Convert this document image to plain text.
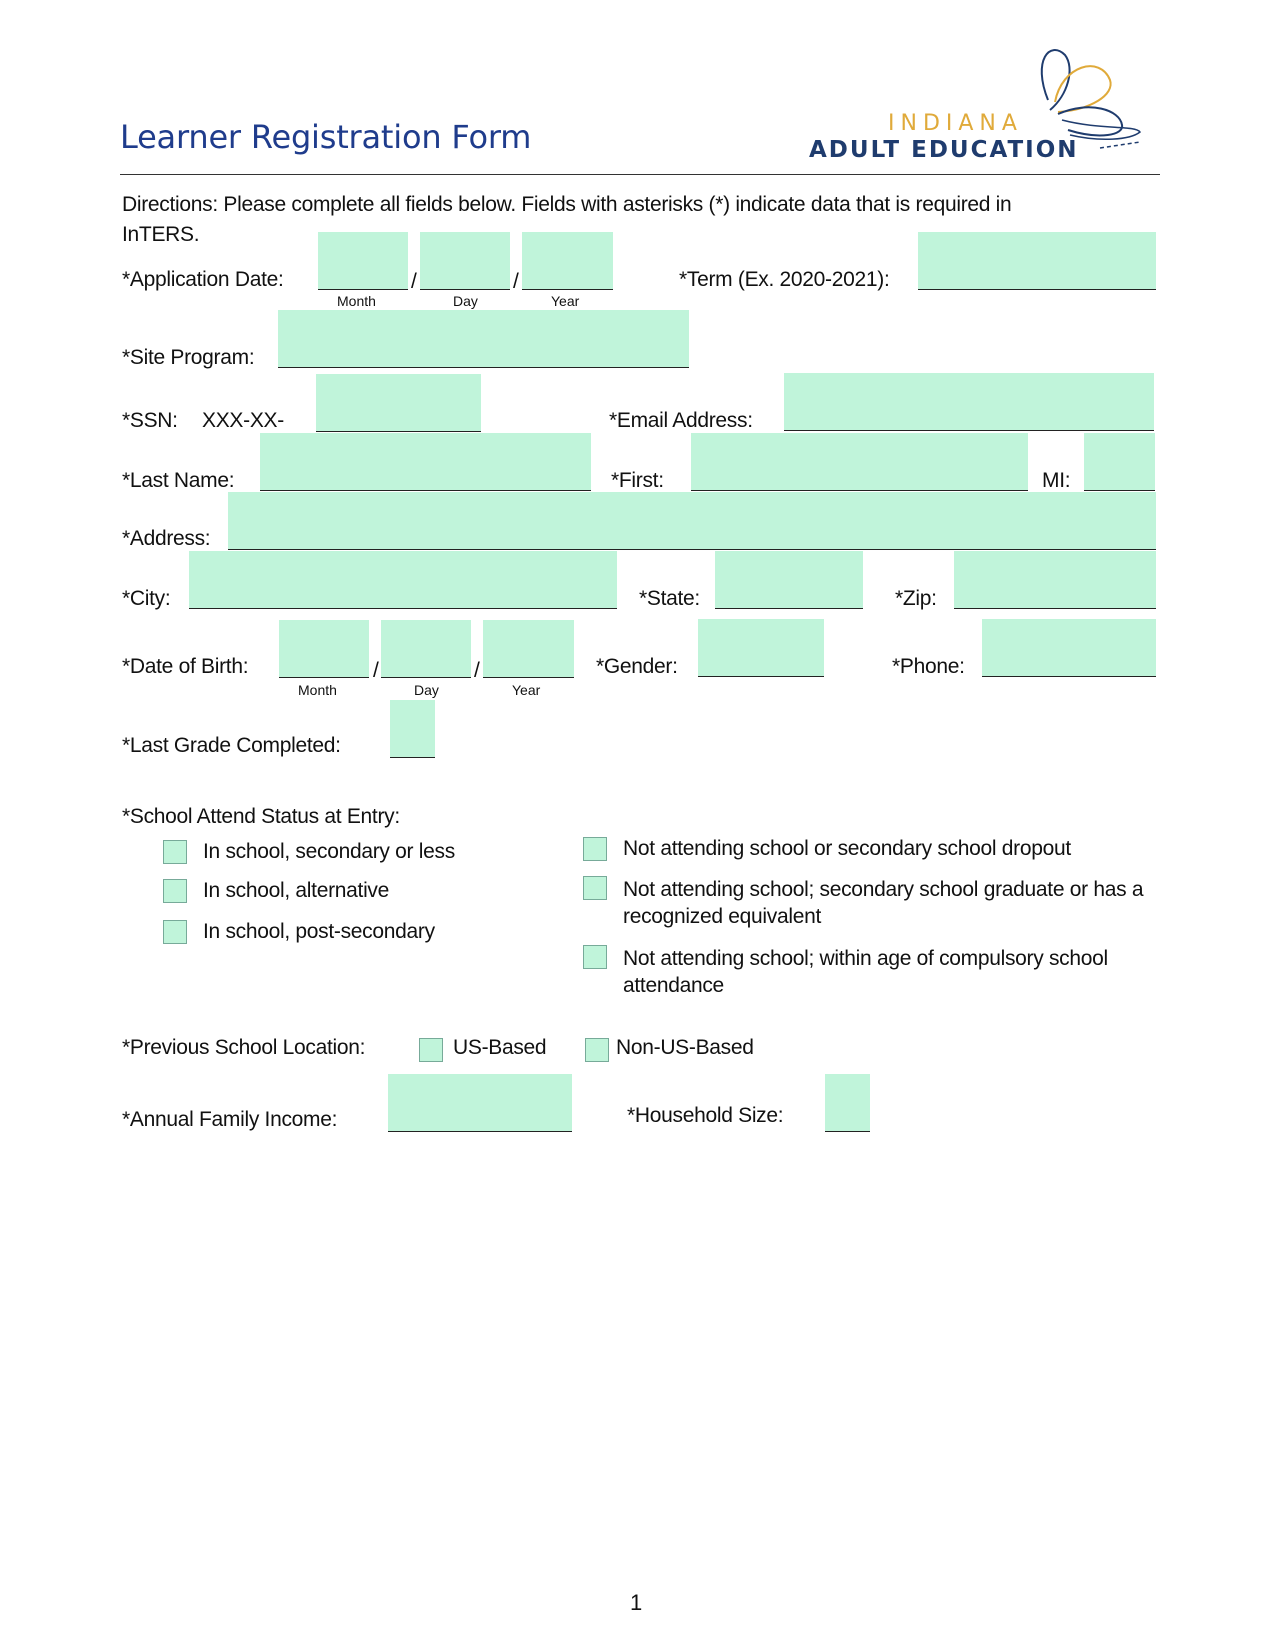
Learner Registration Form	INDIANA
ADULT EDUCATION
Directions: Please complete all fields below. Fields with asterisks (*) indicate data that is required in InTERS.
*Application Date:	/	/
Month	Day	Year
*Term (Ex. 2020-2021):
*Site Program:
*SSN: XXX-XX-	*Email Address:
*Last Name:	*First:	MI:
*Address:
*City:	*State:	*Zip:
*Date of Birth:	/	/
Month	Day	Year
*Gender:	*Phone:
*Last Grade Completed:
*School Attend Status at Entry:
In school, secondary or less
In school, alternative
In school, post-secondary
Not attending school or secondary school dropout
Not attending school; secondary school graduate or has a recognized equivalent
Not attending school; within age of compulsory school attendance
*Previous School Location:	US-Based	Non-US-Based
*Annual Family Income:	*Household Size:
1
